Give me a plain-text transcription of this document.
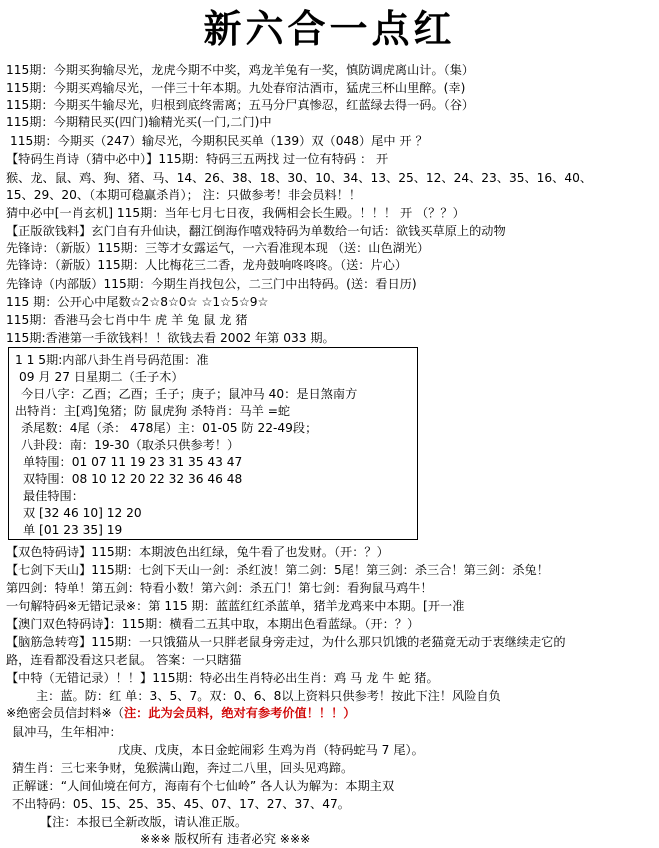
新六合一点红
115期：今期买狗输尽光，龙虎今期不中奖，鸡龙羊兔有一奖，慎防调虎离山计。（集）
115期：今期买鸡输尽光，一伴三十年本期。九处春帘沽酒市，猛虎三杯山里醉。(幸)
115期：今期买牛输尽光，归根到底终需离；五马分尸真惨忍，红蓝绿去得一码。（谷）
115期：今期精民买(四门)输精光买(一门,二门)中
115期：今期买（247）输尽光，今期积民买单（139）双（048）尾中 开 ？
【特码生肖诗（猜中必中）】115期：特码三五两找 过一位有特码 ： 开
猴、龙、鼠、鸡、狗、猪、马、14、26、38、18、30、10、34、13、25、12、24、23、35、16、40、
15、29、20、（本期可稳赢杀肖）； 注：只做参考！非会员料！！
猜中必中[一肖玄机] 115期：当年七月七日夜，我俩相会长生殿。！！！ 开 （？？）
【正版欲钱料】玄门自有升仙诀，翻江倒海作嘻戏特码为单数给一句话：欲钱买草原上的动物
先锋诗：（新版）115期：三等才女露运气，一六看准现本现 （送：山色湖光）
先锋诗：（新版）115期：人比梅花三二香，龙舟鼓响咚咚咚。（送：片心）
先锋诗（内部版）115期：今期生肖找包公，二三门中出特码。(送：看日历)
115 期：公开心中尾数☆2☆8☆0☆ ☆1☆5☆9☆
115期：香港马会七肖中牛 虎 羊 兔 鼠 龙 猪
115期:香港第一手欲钱料！！欲钱去看 2002 年第 033 期。
1 1 5期:内部八卦生肖号码范围：准
09 月 27 日星期二（壬子木）
今日八字：乙酉；乙酉；壬子；庚子；鼠冲马 40：是日煞南方
出特肖：主[鸡]兔猪；防 鼠虎狗 杀特肖：马羊 =蛇
杀尾数：4尾（杀： 478尾）主：01-05 防 22-49段；
八卦段：南：19-30（取杀只供参考！）
单特围：01 07 11 19 23 31 35 43 47
双特围：08 10 12 20 22 32 36 46 48
最佳特围：
双 [32 46 10] 12 20
单 [01 23 35] 19
【双色特码诗】115期：本期波色出红绿，兔牛看了也发财。（开：？）
【七剑下天山】115期：七剑下天山一剑：杀红波！第二剑：5尾！第三剑：杀三合！第三剑：杀兔！
第四剑：特单！第五剑：特看小数！第六剑：杀五门！第七剑：看狗鼠马鸡牛！
一句解特码※无错记录※：第 115 期：蓝蓝红红杀蓝单，猪羊龙鸡来中本期。[开一准
【澳门双色特码诗】：115期：横看二五其中取，本期出色看蓝绿。（开：？）
【脑筋急转弯】115期：一只饿猫从一只胖老鼠身旁走过，为什么那只饥饿的老猫竟无动于衷继续走它的
路，连看都没看这只老鼠。 答案：一只瞎猫
【中特（无错记录）！！】115期：特必出生肖特必出生肖：鸡 马 龙 牛 蛇 猪。
主：蓝。防：红 单：3、5、7。双：0、6、8以上资料只供参考！按此下注！风险自负
※绝密会员信封料※（注：此为会员料，绝对有参考价值！！！）
鼠冲马，生年相冲：
戊庚、戊庚，本日金蛇闹彩 生鸡为肖（特码蛇马 7 尾）。
猜生肖：三七来争财，兔猴满山跑，奔过二八里，回头见鸡蹄。
正解谜：“人间仙境在何方，海南有个七仙岭” 各人认为解为：本期主双
不出特码：05、15、25、35、45、07、17、27、37、47。
【注：本报已全新改版，请认准正版。
※※※ 版权所有 违者必究 ※※※
